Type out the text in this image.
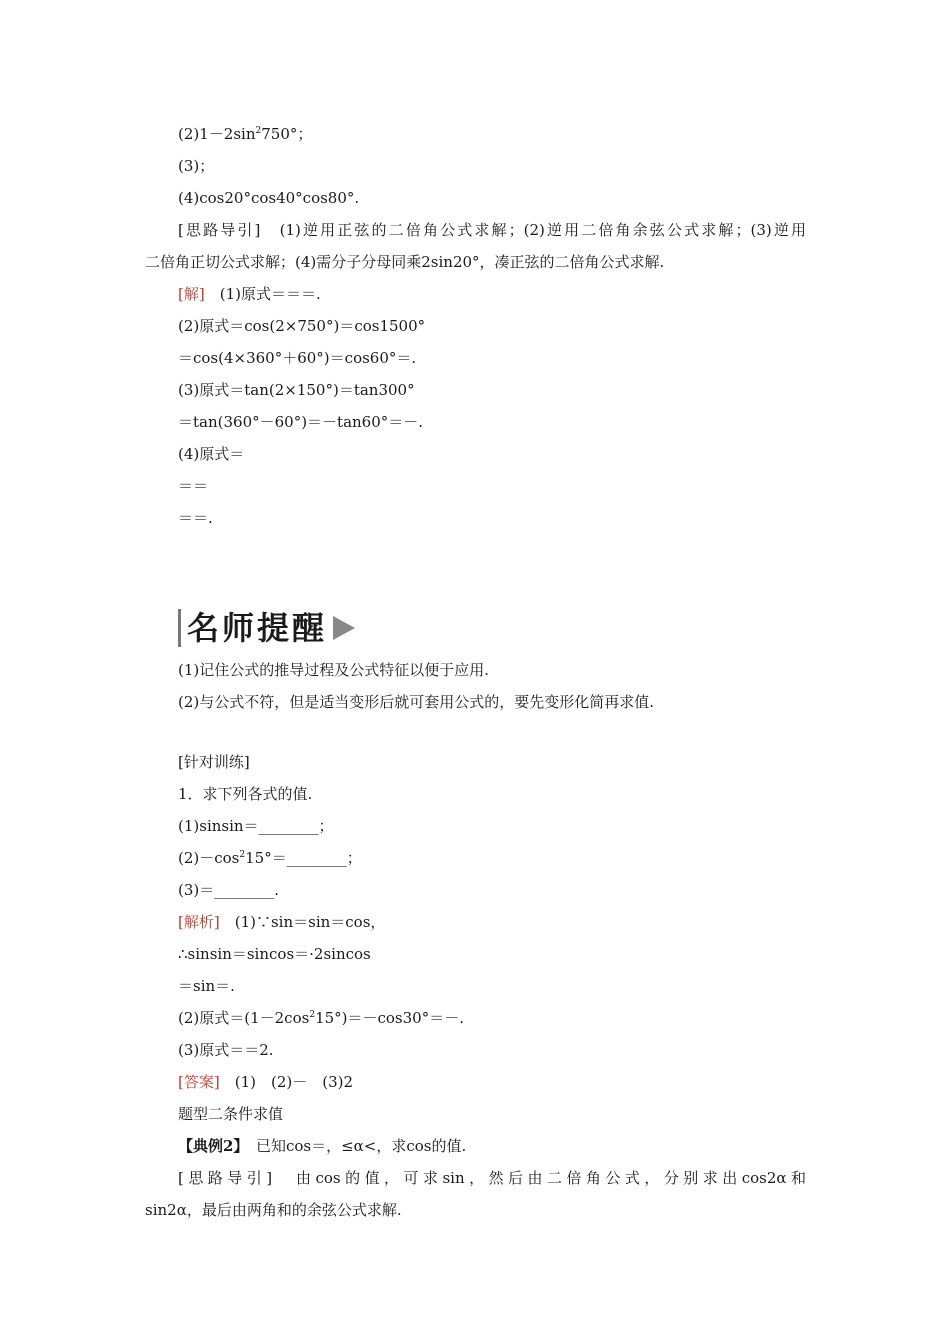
$(2)1-2\sin^2750^\circ$；
(3)；
(4)cos20°cos40°cos80°.
[思路导引]　(1)逆用正弦的二倍角公式求解；(2)逆用二倍角余弦公式求解；(3)逆用
二倍角正切公式求解；(4)需分子分母同乘2sin20°，凑正弦的二倍角公式求解.
[解]　(1)原式＝＝＝.
(2)原式＝cos(2×750°)＝cos1500°
＝cos(4×360°＋60°)＝cos60°＝.
(3)原式＝tan(2×150°)＝tan300°
＝tan(360°－60°)＝－tan60°＝－.
(4)原式＝
＝＝
＝＝.
名师提醒
(1)记住公式的推导过程及公式特征以便于应用.
(2)与公式不符，但是适当变形后就可套用公式的，要先变形化简再求值.
[针对训练]
1．求下列各式的值.
(1)sinsin＝________；
$(2)-\cos^215^\circ=\_\_\_\_\_\_\_\_$；
(3)＝________.
[解析]　(1)∵sin＝sin＝cos，
∴sinsin＝sincos＝·2sincos
＝sin＝.
(2)原式$=(1-2\cos^215^\circ)=-\cos 30^\circ=-$.
(3)原式＝＝2.
[答案]　(1)　(2)－　(3)2
题型二条件求值
【典例2】　已知cos＝，≤α<，求cos的值.
[思路导引]　由cos的值，可求sin，然后由二倍角公式，分别求出cos2α和
sin2α，最后由两角和的余弦公式求解.
